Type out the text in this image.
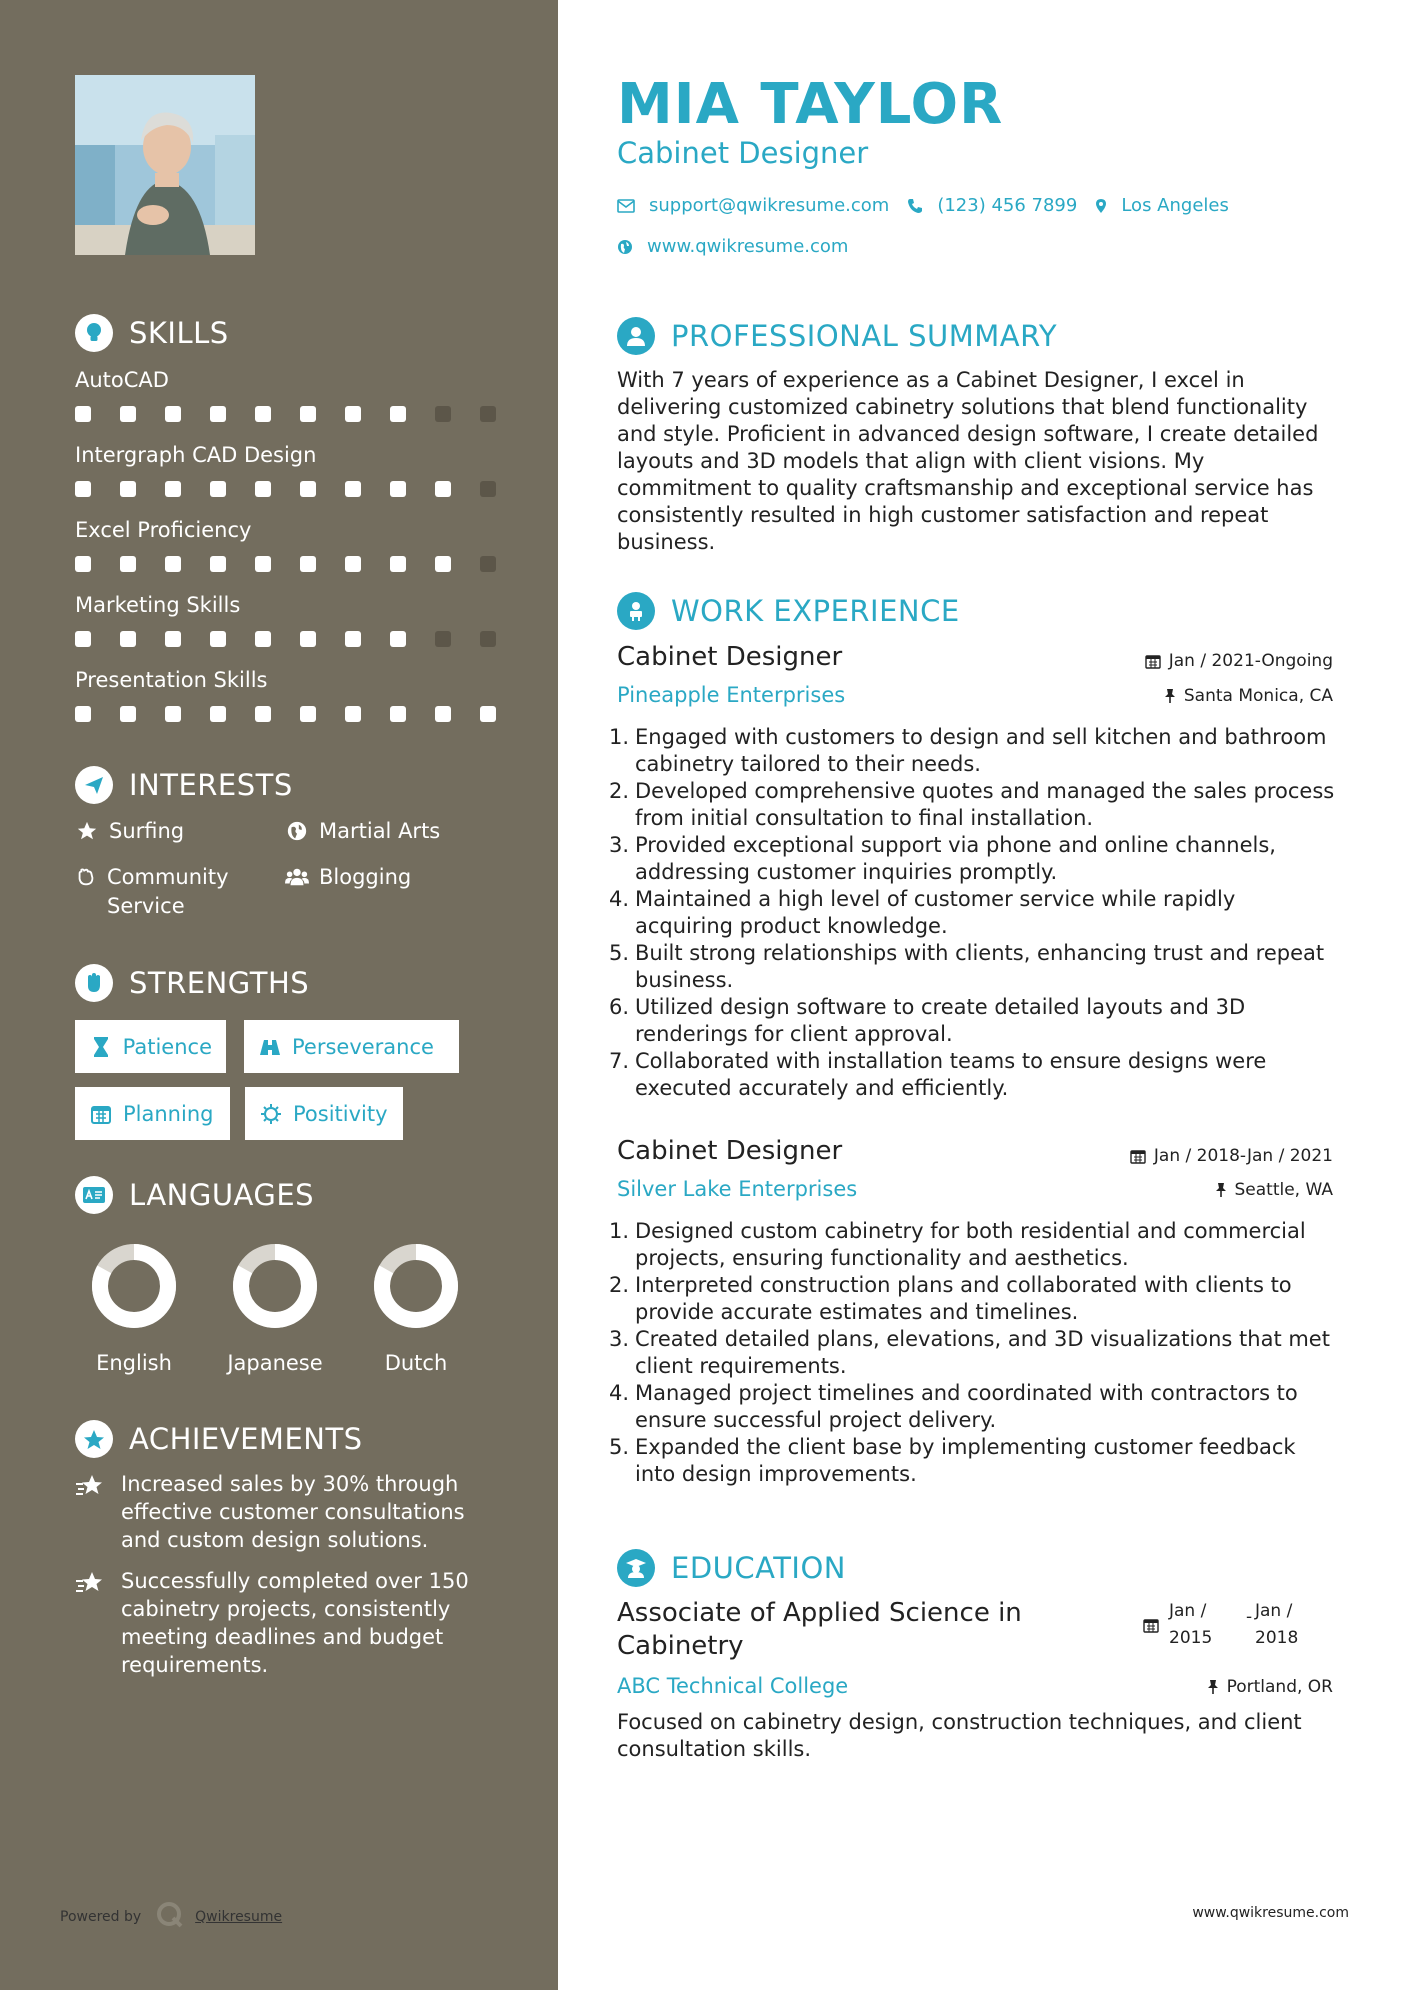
SKILLS
AutoCAD
Intergraph CAD Design
Excel Proficiency
Marketing Skills
Presentation Skills
INTERESTS
Surfing	Martial Arts
Community Service
Blogging
STRENGTHS
Patience	Perseverance
Planning	Positivity
LANGUAGES
English	Japanese	Dutch
ACHIEVEMENTS
Increased sales by 30% through effective customer consultations and custom design solutions.
Successfully completed over 150 cabinetry projects, consistently meeting deadlines and budget requirements.
Powered by	Qwikresume
MIA TAYLOR
Cabinet Designer
support@qwikresume.com	(123) 456 7899 Los Angeles
www.qwikresume.com
PROFESSIONAL SUMMARY
With 7 years of experience as a Cabinet Designer, I excel in delivering customized cabinetry solutions that blend functionality and style. Proficient in advanced design software, I create detailed layouts and 3D models that align with client visions. My commitment to quality craftsmanship and exceptional service has consistently resulted in high customer satisfaction and repeat business.
WORK EXPERIENCE
Cabinet Designer	Jan / 2021-Ongoing
Pineapple Enterprises	Santa Monica, CA
1. Engaged with customers to design and sell kitchen and bathroom cabinetry tailored to their needs.
2. Developed comprehensive quotes and managed the sales process from initial consultation to final installation.
3. Provided exceptional support via phone and online channels, addressing customer inquiries promptly.
4. Maintained a high level of customer service while rapidly acquiring product knowledge.
5. Built strong relationships with clients, enhancing trust and repeat business.
6. Utilized design software to create detailed layouts and 3D renderings for client approval.
7. Collaborated with installation teams to ensure designs were executed accurately and efficiently.
Cabinet Designer	Jan / 2018-Jan / 2021
Silver Lake Enterprises	Seattle, WA
1. Designed custom cabinetry for both residential and commercial projects, ensuring functionality and aesthetics.
2. Interpreted construction plans and collaborated with clients to provide accurate estimates and timelines.
3. Created detailed plans, elevations, and 3D visualizations that met client requirements.
4. Managed project timelines and coordinated with contractors to ensure successful project delivery.
5. Expanded the client base by implementing customer feedback into design improvements.
EDUCATION
Associate of Applied Science in Cabinetry
Jan / 2015
- Jan / 2018
ABC Technical College	Portland, OR
Focused on cabinetry design, construction techniques, and client consultation skills.
www.qwikresume.com
